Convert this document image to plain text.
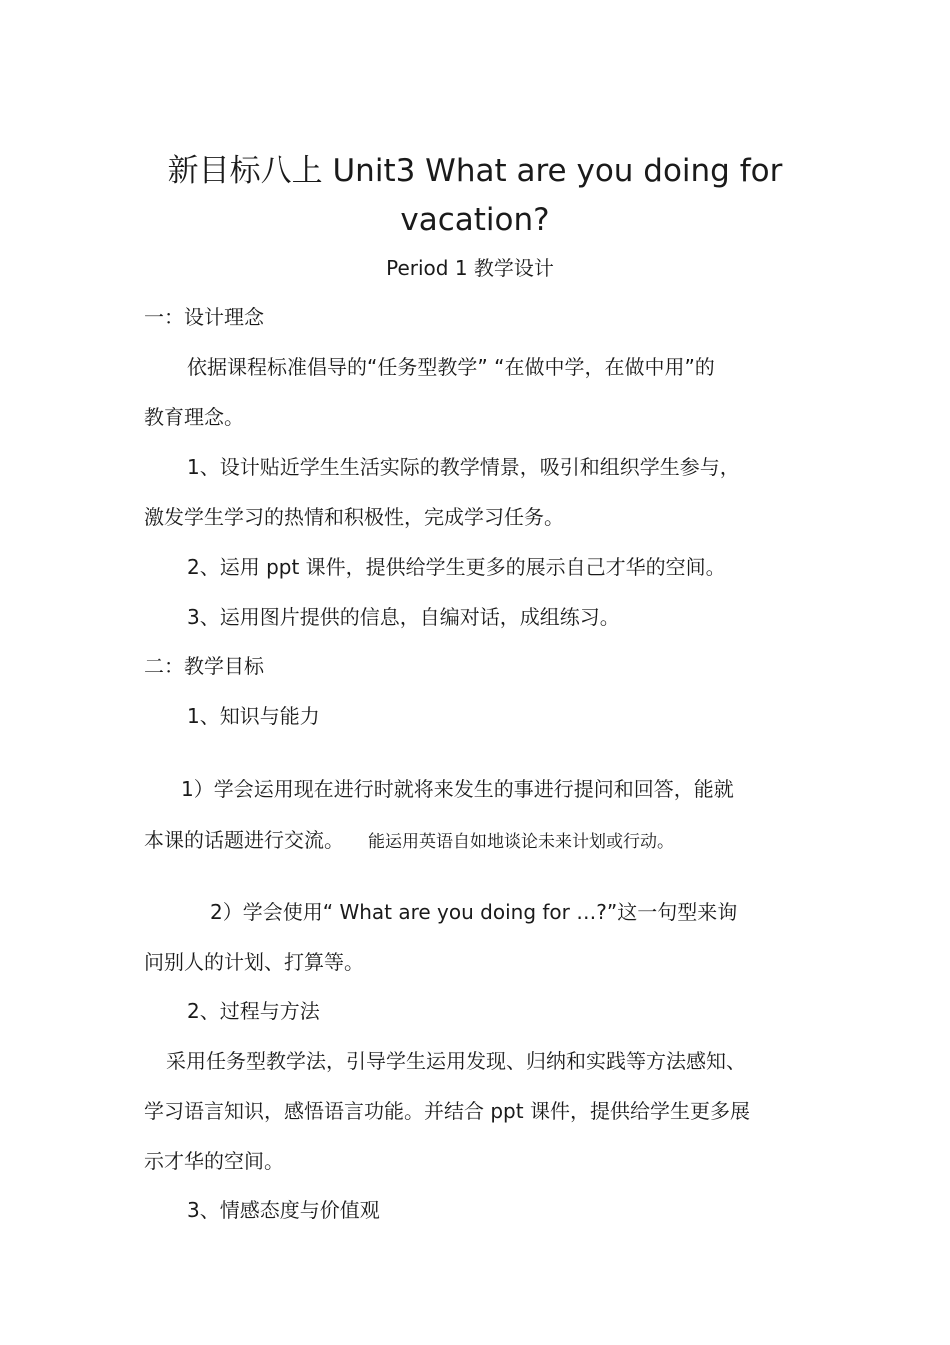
新目标八上 Unit3 What are you doing for
vacation?
Period 1 教学设计
一：设计理念
依据课程标准倡导的“任务型教学” “在做中学，在做中用”的
教育理念。
1、设计贴近学生生活实际的教学情景，吸引和组织学生参与，
激发学生学习的热情和积极性，完成学习任务。
2、运用 ppt 课件，提供给学生更多的展示自己才华的空间。
3、运用图片提供的信息，自编对话，成组练习。
二：教学目标
1、知识与能力
1）学会运用现在进行时就将来发生的事进行提问和回答，能就
本课的话题进行交流。 能运用英语自如地谈论未来计划或行动。
2）学会使用“ What are you doing for …?”这一句型来询
问别人的计划、打算等。
2、过程与方法
采用任务型教学法，引导学生运用发现、归纳和实践等方法感知、
学习语言知识，感悟语言功能。并结合 ppt 课件，提供给学生更多展
示才华的空间。
3、情感态度与价值观
